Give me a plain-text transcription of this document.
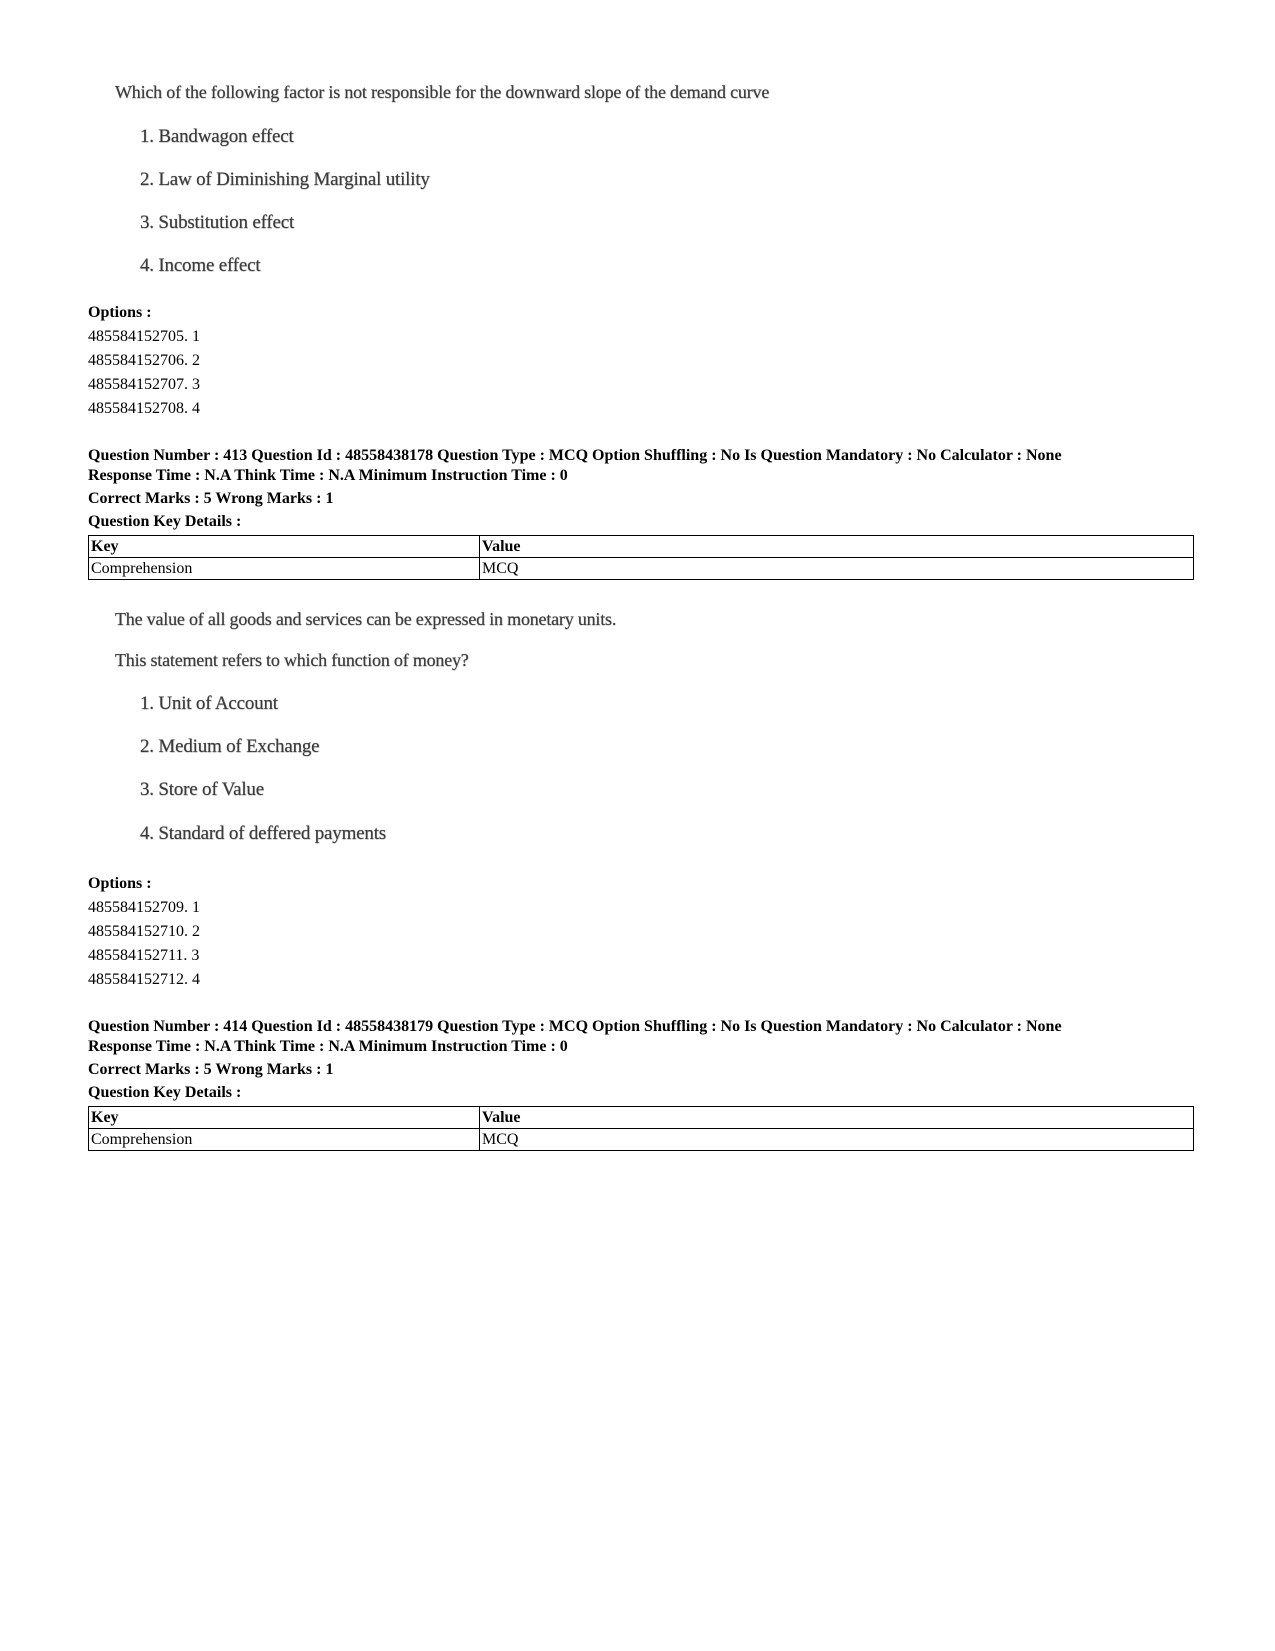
Which of the following factor is not responsible for the downward slope of the demand curve
1. Bandwagon effect
2. Law of Diminishing Marginal utility
3. Substitution effect
4. Income effect
Options :
485584152705. 1
485584152706. 2
485584152707. 3
485584152708. 4
Question Number : 413 Question Id : 48558438178 Question Type : MCQ Option Shuffling : No Is Question Mandatory : No Calculator : None
Response Time : N.A Think Time : N.A Minimum Instruction Time : 0
Correct Marks : 5 Wrong Marks : 1
Question Key Details :
Key	Value
Comprehension	MCQ
The value of all goods and services can be expressed in monetary units.
This statement refers to which function of money?
1. Unit of Account
2. Medium of Exchange
3. Store of Value
4. Standard of deffered payments
Options :
485584152709. 1
485584152710. 2
485584152711. 3
485584152712. 4
Question Number : 414 Question Id : 48558438179 Question Type : MCQ Option Shuffling : No Is Question Mandatory : No Calculator : None
Response Time : N.A Think Time : N.A Minimum Instruction Time : 0
Correct Marks : 5 Wrong Marks : 1
Question Key Details :
Key	Value
Comprehension	MCQ
